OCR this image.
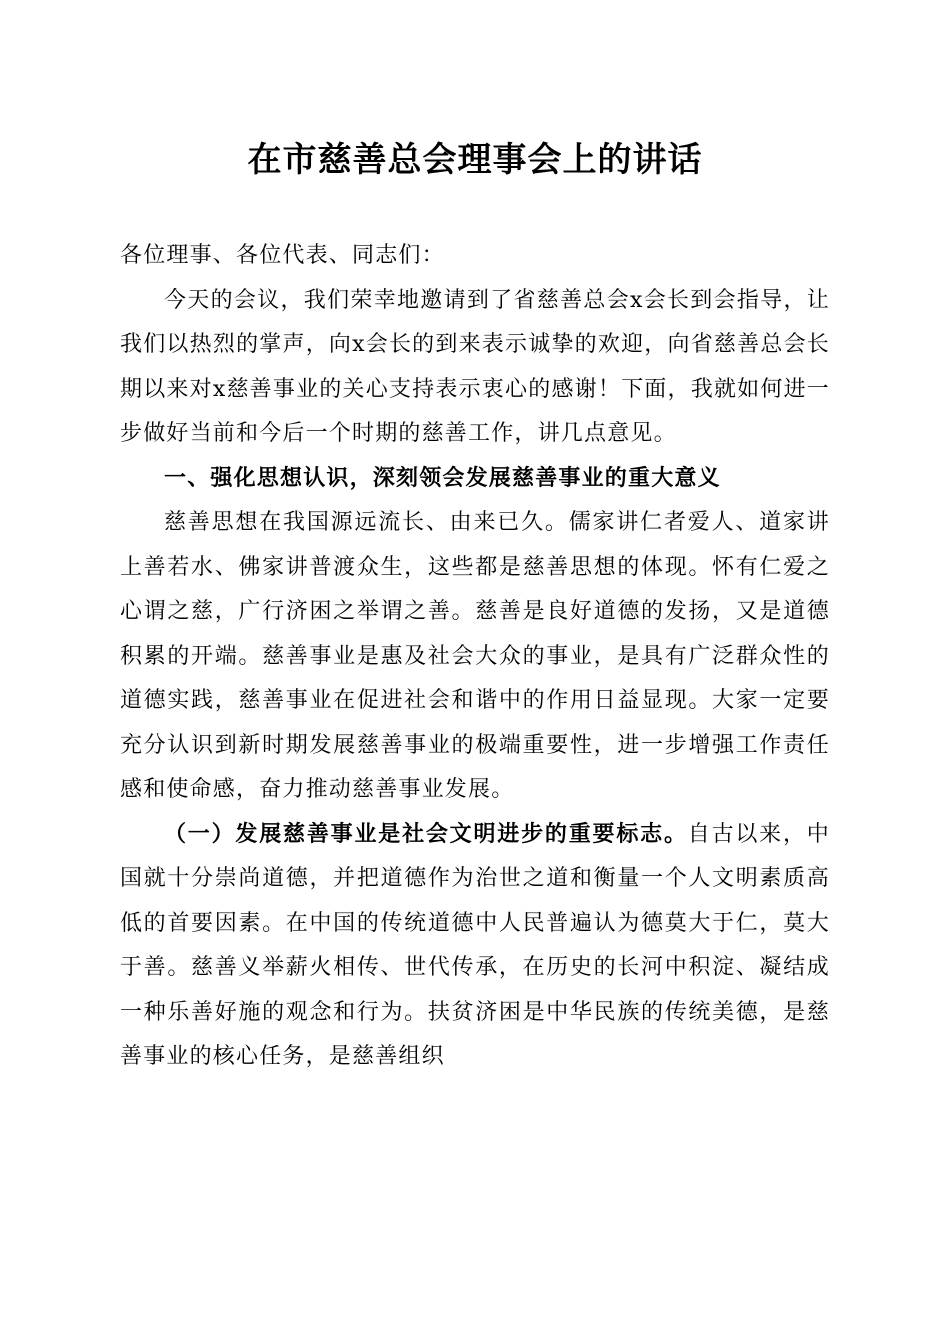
在市慈善总会理事会上的讲话

各位理事、各位代表、同志们：

今天的会议，我们荣幸地邀请到了省慈善总会x会长到会指导，让我们以热烈的掌声，向x会长的到来表示诚挚的欢迎，向省慈善总会长期以来对x慈善事业的关心支持表示衷心的感谢！下面，我就如何进一步做好当前和今后一个时期的慈善工作，讲几点意见。

一、强化思想认识，深刻领会发展慈善事业的重大意义

慈善思想在我国源远流长、由来已久。儒家讲仁者爱人、道家讲上善若水、佛家讲普渡众生，这些都是慈善思想的体现。怀有仁爱之心谓之慈，广行济困之举谓之善。慈善是良好道德的发扬，又是道德积累的开端。慈善事业是惠及社会大众的事业，是具有广泛群众性的道德实践，慈善事业在促进社会和谐中的作用日益显现。大家一定要充分认识到新时期发展慈善事业的极端重要性，进一步增强工作责任感和使命感，奋力推动慈善事业发展。

（一）发展慈善事业是社会文明进步的重要标志。自古以来，中国就十分崇尚道德，并把道德作为治世之道和衡量一个人文明素质高低的首要因素。在中国的传统道德中人民普遍认为德莫大于仁，莫大于善。慈善义举薪火相传、世代传承，在历史的长河中积淀、凝结成一种乐善好施的观念和行为。扶贫济困是中华民族的传统美德，是慈善事业的核心任务，是慈善组织
